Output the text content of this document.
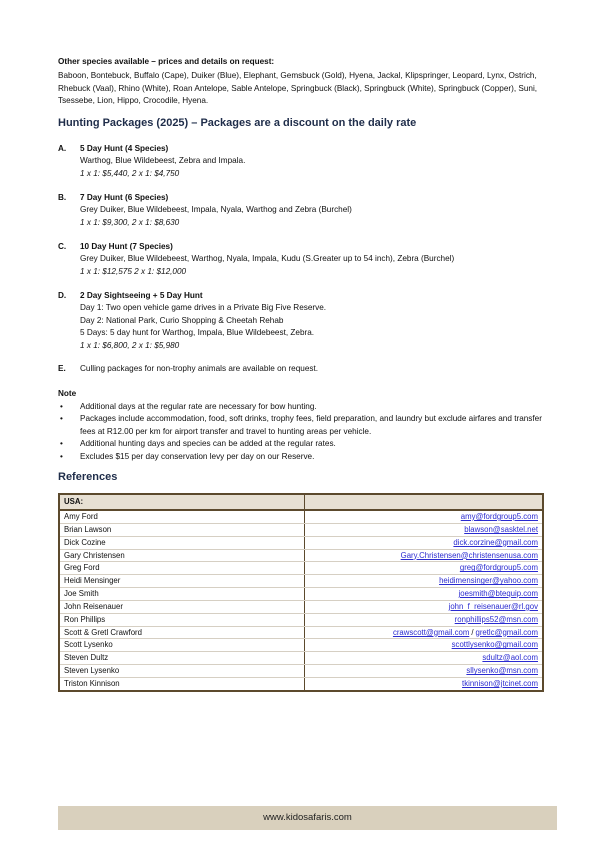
Other species available – prices and details on request:
Baboon, Bontebuck, Buffalo (Cape), Duiker (Blue), Elephant, Gemsbuck (Gold), Hyena, Jackal, Klipspringer, Leopard, Lynx, Ostrich, Rhebuck (Vaal), Rhino (White), Roan Antelope, Sable Antelope, Springbuck (Black), Springbuck (White), Springbuck (Copper), Suni, Tsessebe, Lion, Hippo, Crocodile, Hyena.
Hunting Packages (2025) – Packages are a discount on the daily rate
A. 5 Day Hunt (4 Species)
Warthog, Blue Wildebeest, Zebra and Impala.
1 x 1: $5,440, 2 x 1: $4,750
B. 7 Day Hunt (6 Species)
Grey Duiker, Blue Wildebeest, Impala, Nyala, Warthog and Zebra (Burchel)
1 x 1: $9,300, 2 x 1: $8,630
C. 10 Day Hunt (7 Species)
Grey Duiker, Blue Wildebeest, Warthog, Nyala, Impala, Kudu (S.Greater up to 54 inch), Zebra (Burchel)
1 x 1: $12,575 2 x 1: $12,000
D. 2 Day Sightseeing + 5 Day Hunt
Day 1: Two open vehicle game drives in a Private Big Five Reserve.
Day 2: National Park, Curio Shopping & Cheetah Rehab
5 Days: 5 day hunt for Warthog, Impala, Blue Wildebeest, Zebra.
1 x 1: $6,800, 2 x 1: $5,980
E. Culling packages for non-trophy animals are available on request.
Note
• Additional days at the regular rate are necessary for bow hunting.
• Packages include accommodation, food, soft drinks, trophy fees, field preparation, and laundry but exclude airfares and transfer fees at R12.00 per km for airport transfer and travel to hunting areas per vehicle.
• Additional hunting days and species can be added at the regular rates.
• Excludes $15 per day conservation levy per day on our Reserve.
References
USA:	
Amy Ford	amy@fordgroup5.com
Brian Lawson	blawson@sasktel.net
Dick Cozine	dick.corzine@gmail.com
Gary Christensen	Gary.Christensen@christensenusa.com
Greg Ford	greg@fordgroup5.com
Heidi Mensinger	heidimensinger@yahoo.com
Joe Smith	joesmith@btequip.com
John Reisenauer	john_f_reisenauer@rl.gov
Ron Phillips	ronphillips52@msn.com
Scott & Gretl Crawford	crawscott@gmail.com / gretlc@gmail.com
Scott Lysenko	scottlysenko@gmail.com
Steven Dultz	sdultz@aol.com
Steven Lysenko	sllysenko@msn.com
Triston Kinnison	tkinnison@jtcinet.com
www.kidosafaris.com
